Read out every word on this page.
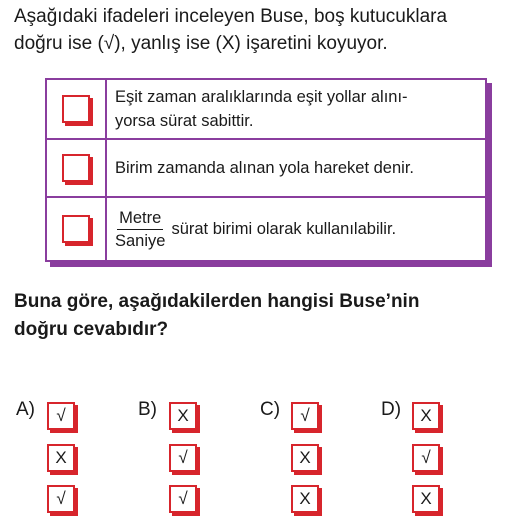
Aşağıdaki ifadeleri inceleyen Buse, boş kutucuklara
doğru ise (√), yanlış ise (X) işaretini koyuyor.

Eşit zaman aralıklarında eşit yollar alını-
yorsa sürat sabittir.
Birim zamanda alınan yola hareket denir.
$\frac{\text{Metre}}{\text{Saniye}}$ sürat birimi olarak kullanılabilir.

Buna göre, aşağıdakilerden hangisi Buse’nin
doğru cevabıdır?

A)	√
X
√
B)	X
√
√
C)	√
X
X
D)	X
√
X
